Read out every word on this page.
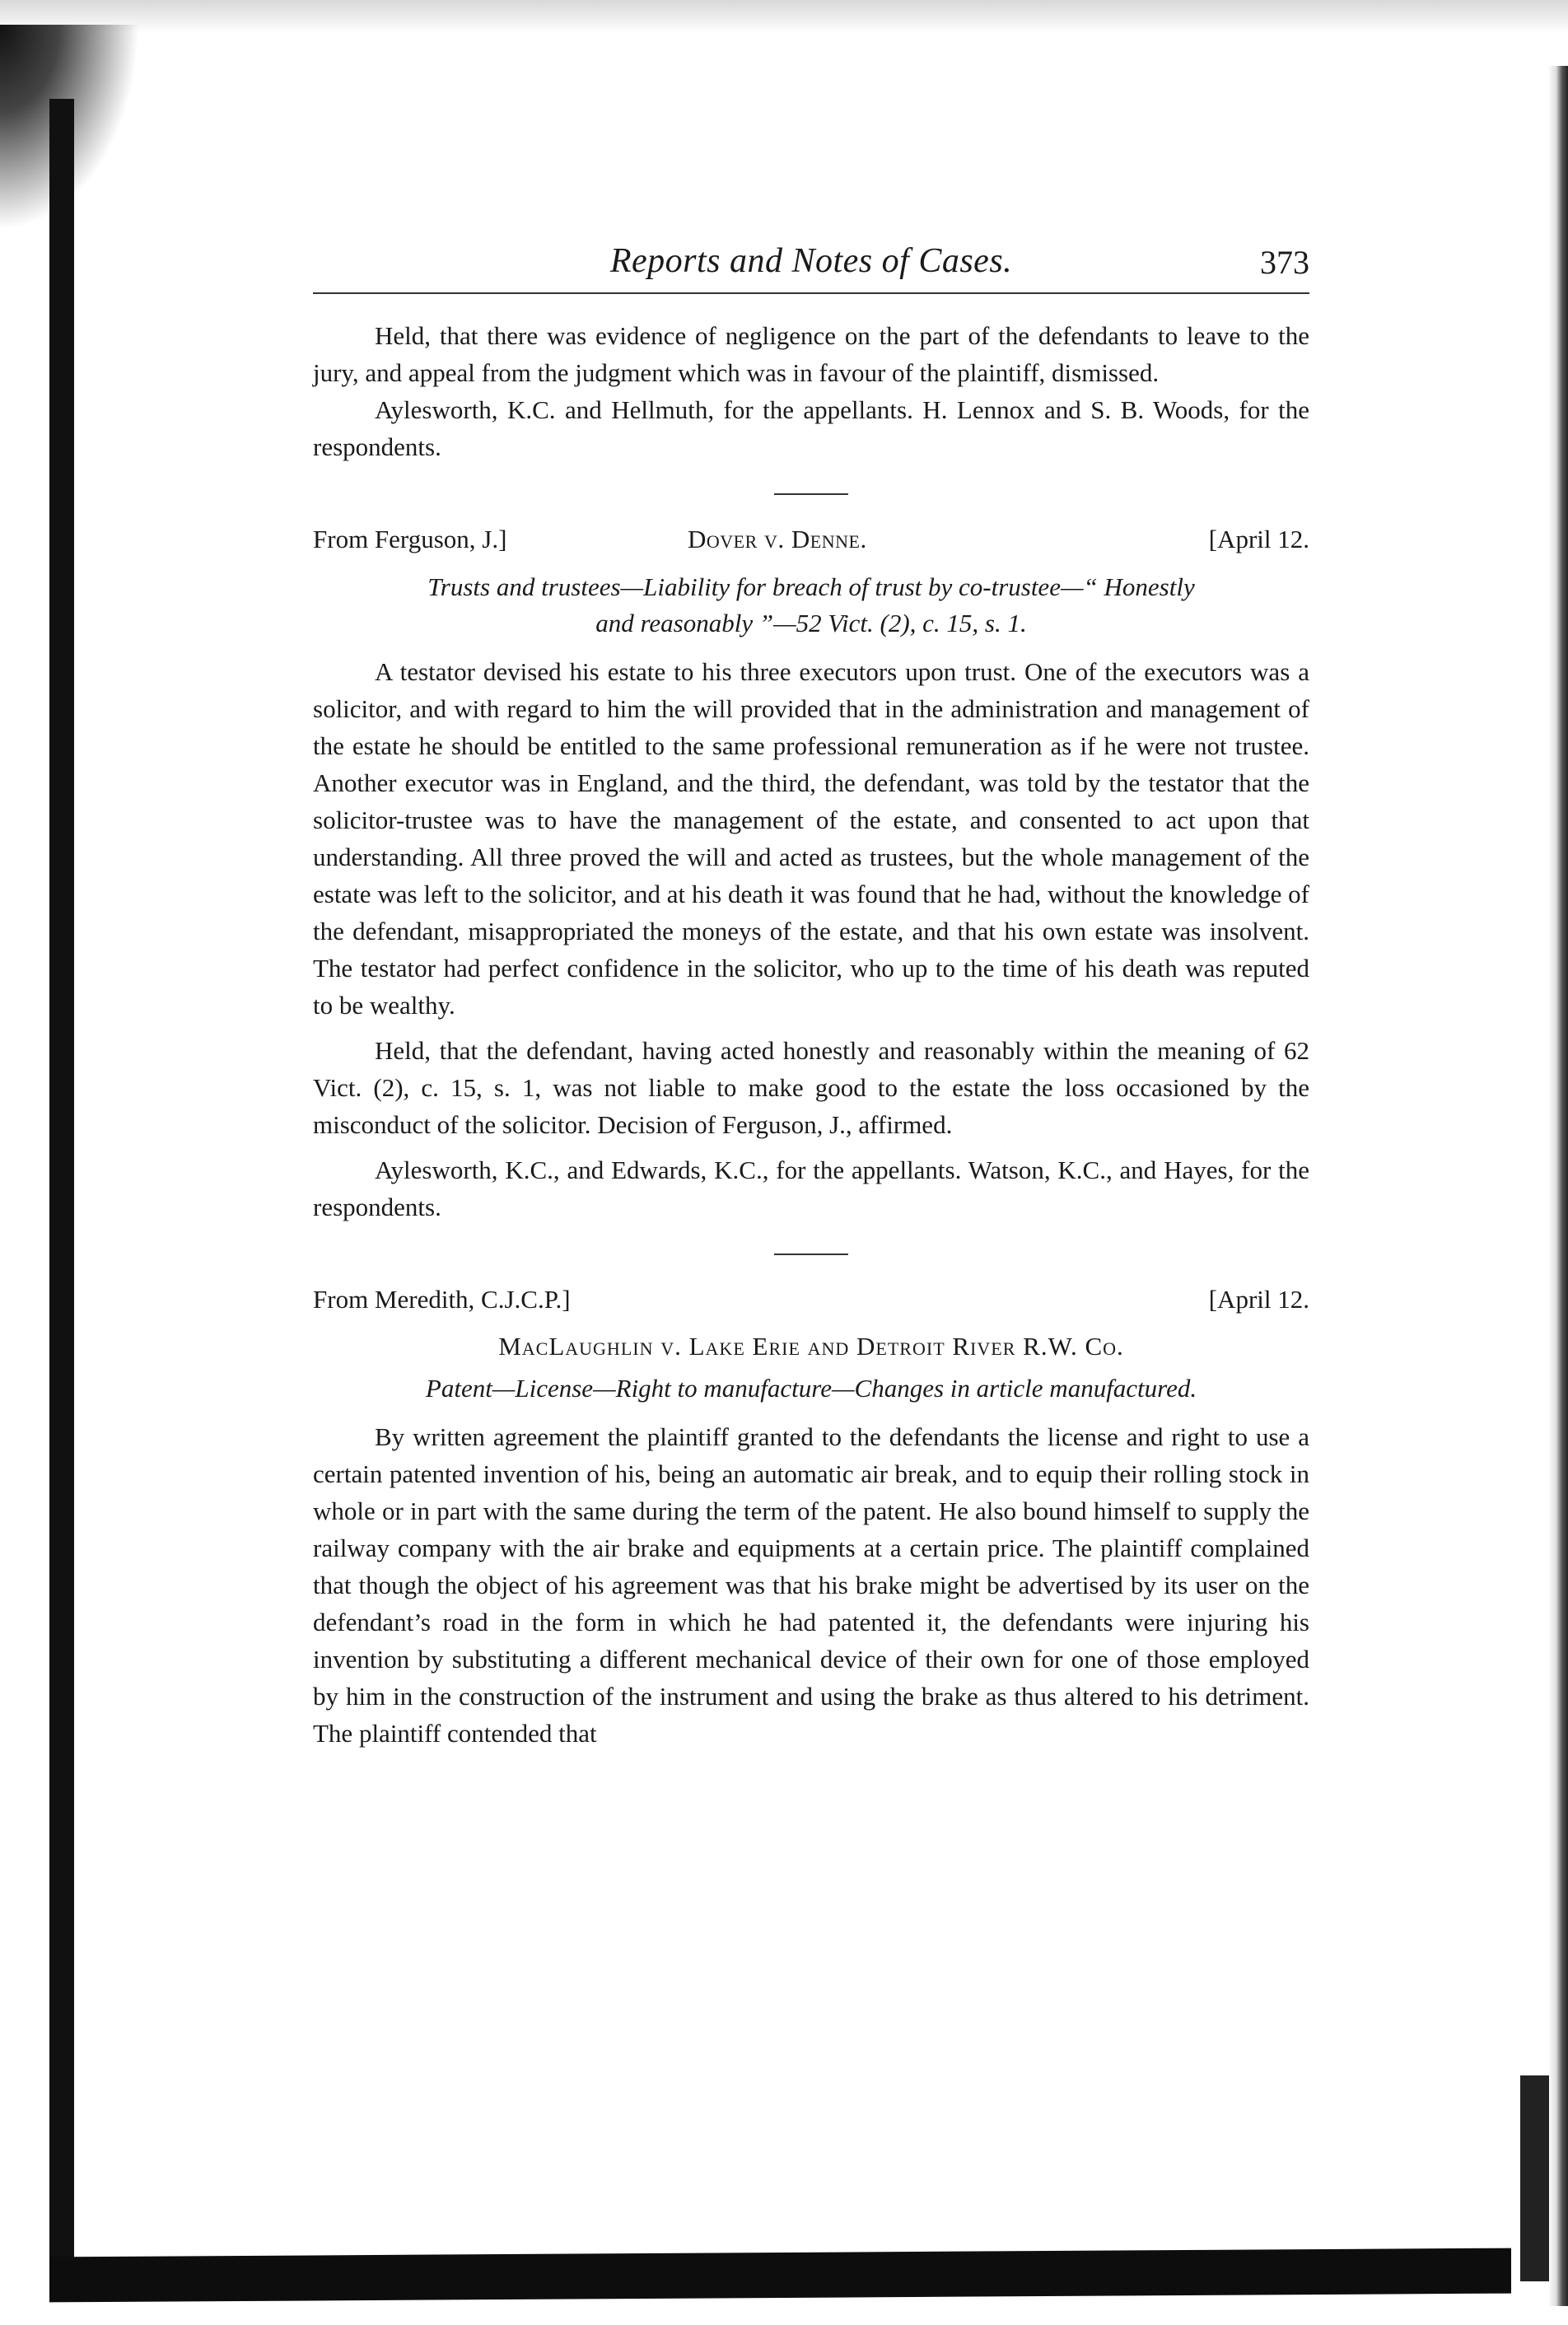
Reports and Notes of Cases.	373

Held, that there was evidence of negligence on the part of the defendants to leave to the jury, and appeal from the judgment which was in favour of the plaintiff, dismissed.

Aylesworth, K.C. and Hellmuth, for the appellants. H. Lennox and S. B. Woods, for the respondents.

From Ferguson, J.]	Dover v. Denne.	[April 12.
Trusts and trustees—Liability for breach of trust by co-trustee—“ Honestly
and reasonably ”—52 Vict. (2), c. 15, s. 1.

A testator devised his estate to his three executors upon trust. One of the executors was a solicitor, and with regard to him the will provided that in the administration and management of the estate he should be entitled to the same professional remuneration as if he were not trustee. Another executor was in England, and the third, the defendant, was told by the testator that the solicitor-trustee was to have the management of the estate, and consented to act upon that understanding. All three proved the will and acted as trustees, but the whole management of the estate was left to the solicitor, and at his death it was found that he had, without the knowledge of the defendant, misappropriated the moneys of the estate, and that his own estate was insolvent. The testator had perfect confidence in the solicitor, who up to the time of his death was reputed to be wealthy.

Held, that the defendant, having acted honestly and reasonably within the meaning of 62 Vict. (2), c. 15, s. 1, was not liable to make good to the estate the loss occasioned by the misconduct of the solicitor. Decision of Ferguson, J., affirmed.

Aylesworth, K.C., and Edwards, K.C., for the appellants. Watson, K.C., and Hayes, for the respondents.

From Meredith, C.J.C.P.]	[April 12.
MacLaughlin v. Lake Erie and Detroit River R.W. Co.
Patent—License—Right to manufacture—Changes in article manufactured.

By written agreement the plaintiff granted to the defendants the license and right to use a certain patented invention of his, being an automatic air break, and to equip their rolling stock in whole or in part with the same during the term of the patent. He also bound himself to supply the railway company with the air brake and equipments at a certain price. The plaintiff complained that though the object of his agreement was that his brake might be advertised by its user on the defendant’s road in the form in which he had patented it, the defendants were injuring his invention by substituting a different mechanical device of their own for one of those employed by him in the construction of the instrument and using the brake as thus altered to his detriment. The plaintiff contended that
